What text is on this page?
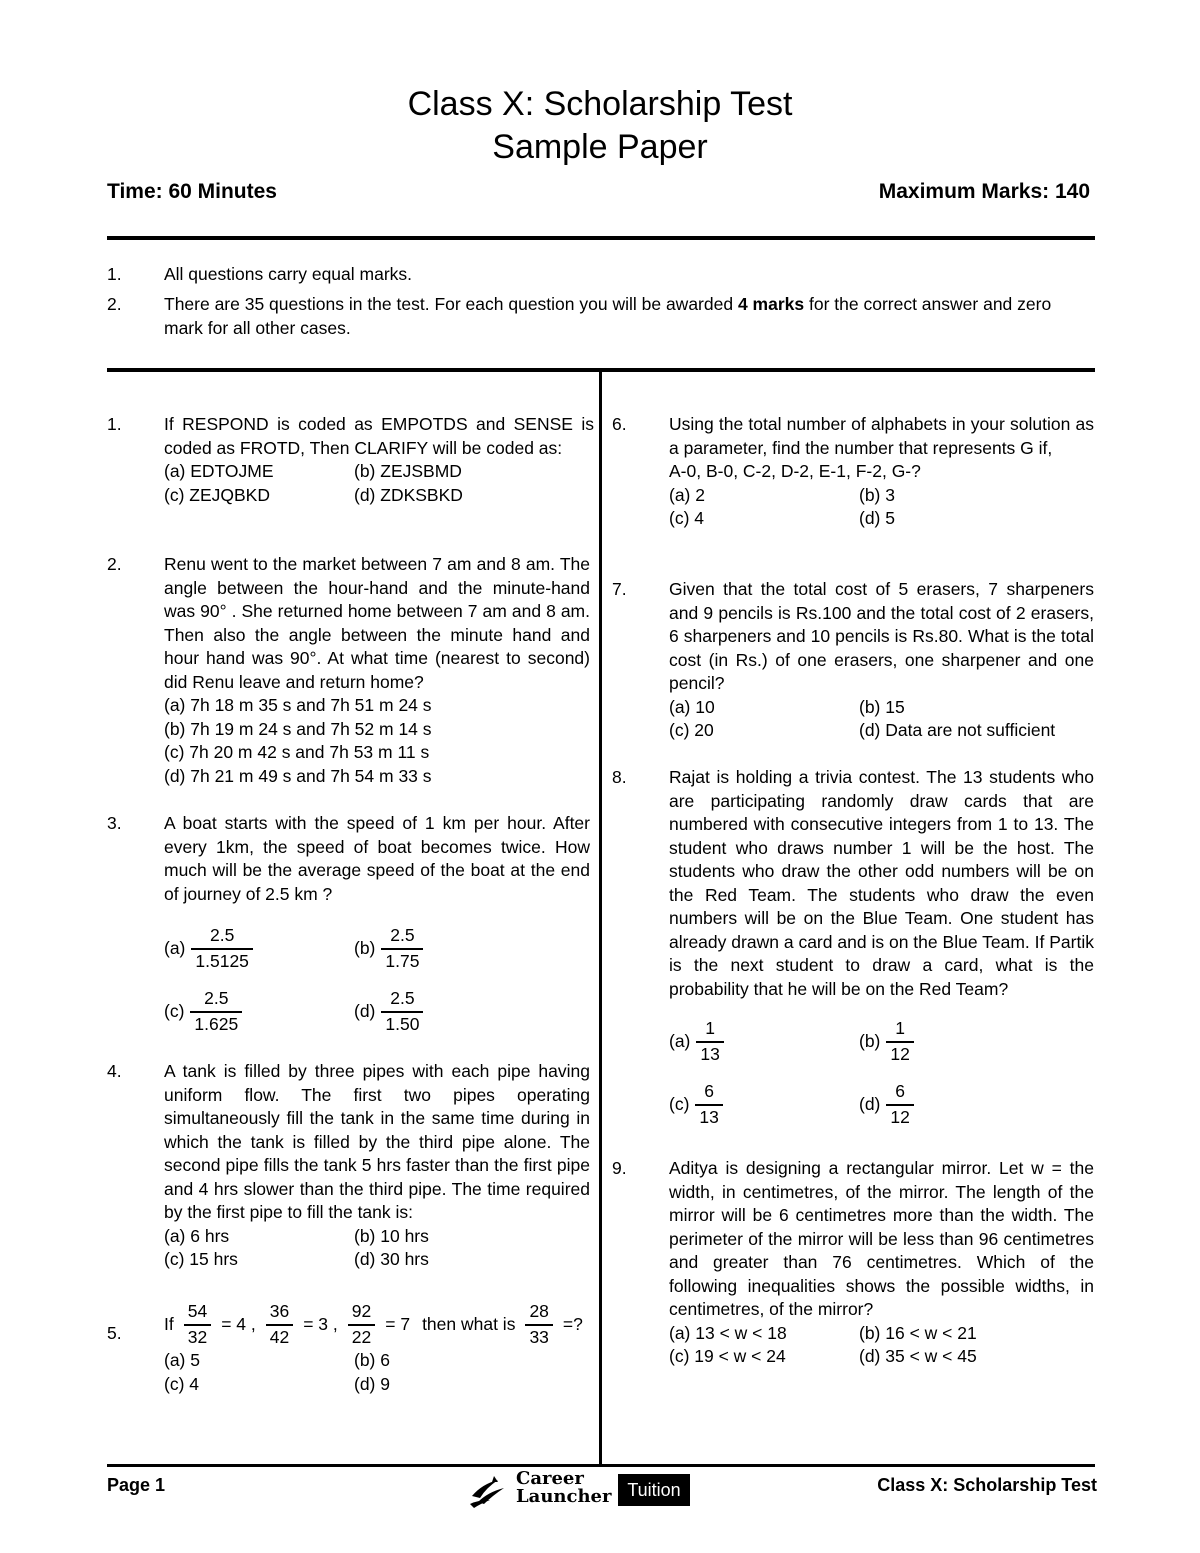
Class X: Scholarship Test
Sample Paper
Time: 60 Minutes	Maximum Marks: 140
1. All questions carry equal marks.
2. There are 35 questions in the test. For each question you will be awarded 4 marks for the correct answer and zero mark for all other cases.
1. If RESPOND is coded as EMPOTDS and SENSE is coded as FROTD, Then CLARIFY will be coded as:
(a) EDTOJME	(b) ZEJSBMD
(c) ZEJQBKD	(d) ZDKSBKD
2. Renu went to the market between 7 am and 8 am. The angle between the hour-hand and the minute-hand was 90° . She returned home between 7 am and 8 am. Then also the angle between the minute hand and hour hand was 90°. At what time (nearest to second) did Renu leave and return home?
(a) 7h 18 m 35 s and 7h 51 m 24 s
(b) 7h 19 m 24 s and 7h 52 m 14 s
(c) 7h 20 m 42 s and 7h 53 m 11 s
(d) 7h 21 m 49 s and 7h 54 m 33 s
3. A boat starts with the speed of 1 km per hour. After every 1km, the speed of boat becomes twice. How much will be the average speed of the boat at the end of journey of 2.5 km ?
$(a) \frac{2.5}{1.5125}$	$(b) \frac{2.5}{1.75}$
$(c) \frac{2.5}{1.625}$	$(d) \frac{2.5}{1.50}$
4. A tank is filled by three pipes with each pipe having uniform flow. The first two pipes operating simultaneously fill the tank in the same time during in which the tank is filled by the third pipe alone. The second pipe fills the tank 5 hrs faster than the first pipe and 4 hrs slower than the third pipe. The time required by the first pipe to fill the tank is:
(a) 6 hrs	(b) 10 hrs
(c) 15 hrs	(d) 30 hrs
5. If $\frac{54}{32} = 4$ , $\frac{36}{42} = 3$ , $\frac{92}{22} = 7$ then what is $\frac{28}{33}$ =?
(a) 5	(b) 6
(c) 4	(d) 9
6. Using the total number of alphabets in your solution as a parameter, find the number that represents G if,
A-0, B-0, C-2, D-2, E-1, F-2, G-?
(a) 2	(b) 3
(c) 4	(d) 5
7. Given that the total cost of 5 erasers, 7 sharpeners and 9 pencils is Rs.100 and the total cost of 2 erasers, 6 sharpeners and 10 pencils is Rs.80. What is the total cost (in Rs.) of one erasers, one sharpener and one pencil?
(a) 10	(b) 15
(c) 20	(d) Data are not sufficient
8. Rajat is holding a trivia contest. The 13 students who are participating randomly draw cards that are numbered with consecutive integers from 1 to 13. The student who draws number 1 will be the host. The students who draw the other odd numbers will be on the Red Team. The students who draw the even numbers will be on the Blue Team. One student has already drawn a card and is on the Blue Team. If Partik is the next student to draw a card, what is the probability that he will be on the Red Team?
$(a) \frac{1}{13}$	$(b) \frac{1}{12}$
$(c) \frac{6}{13}$	$(d) \frac{6}{12}$
9. Aditya is designing a rectangular mirror. Let w = the width, in centimetres, of the mirror. The length of the mirror will be 6 centimetres more than the width. The perimeter of the mirror will be less than 96 centimetres and greater than 76 centimetres. Which of the following inequalities shows the possible widths, in centimetres, of the mirror?
(a) 13 < w < 18	(b) 16 < w < 21
(c) 19 < w < 24	(d) 35 < w < 45
Page 1	Career
Launcher Tuition	Class X: Scholarship Test
